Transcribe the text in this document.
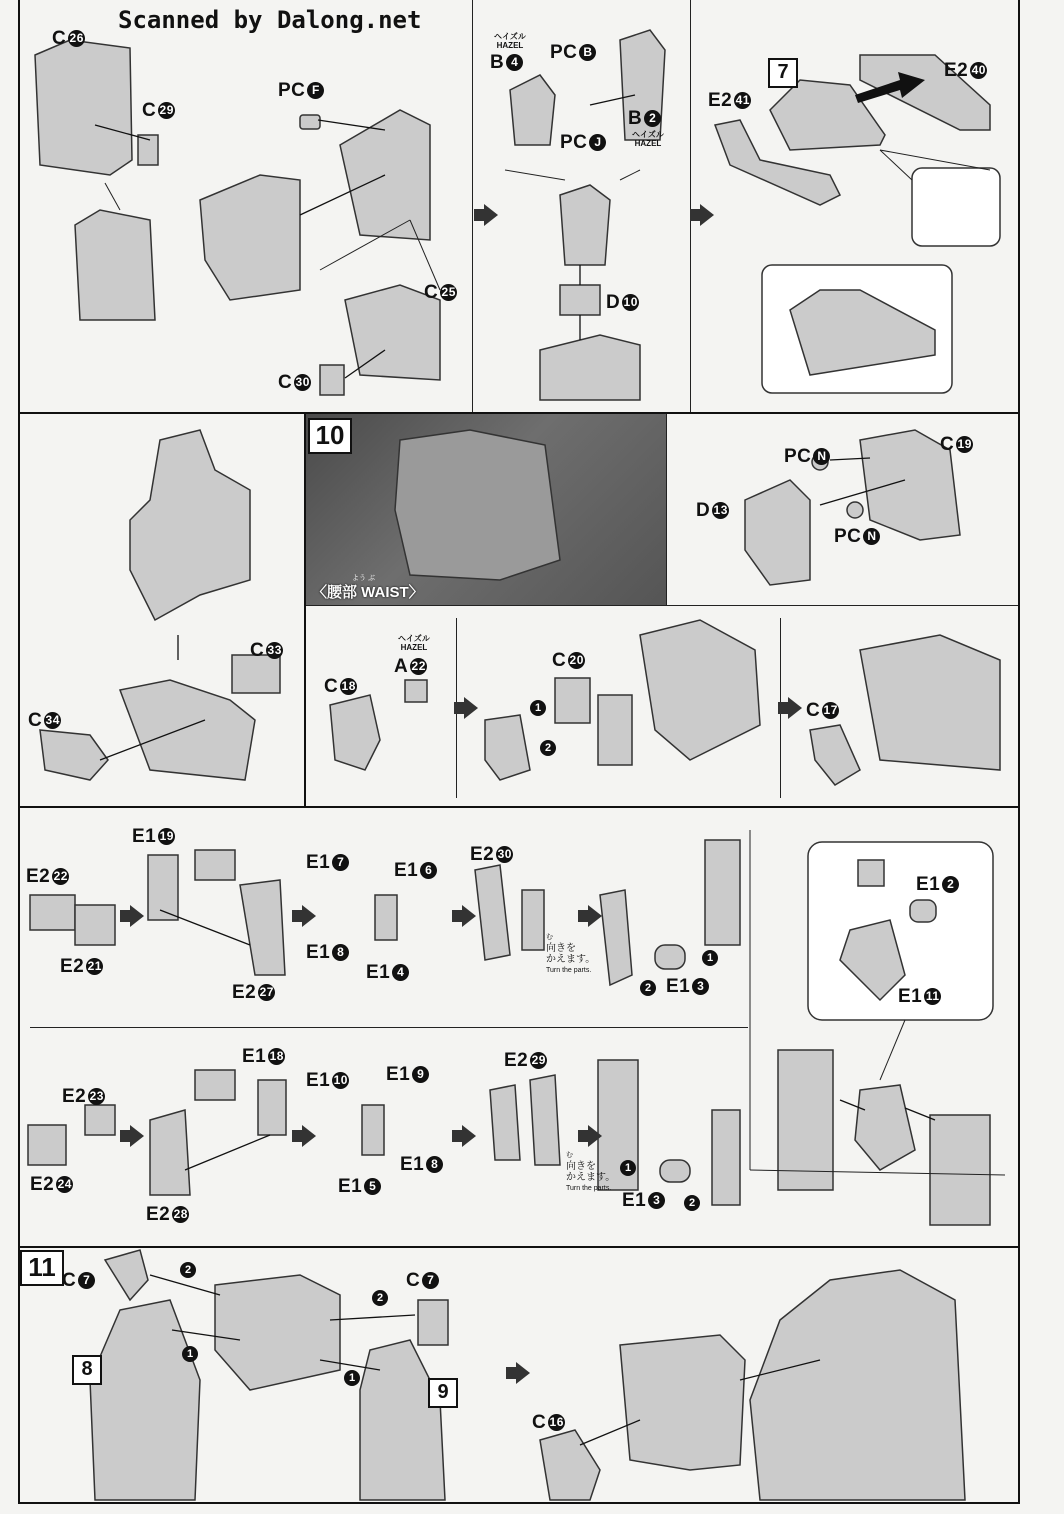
Scanned by Dalong.net
10
よう ぶ
〈腰部 WAIST〉
7
11
8
9
C 26
C 29
PC F
C 25
C 30
ヘイズル
HAZEL
B 4 PC B
B 2
ヘイズル
HAZEL
PC J
D 10
E2 40
E2 41
C 33
C 34
PC N
C 19
D 13
PC N
ヘイズル
HAZEL
C 18
A 22	C 20
C 17
E2 22
E2 21
E1 19
E2 27
E1 7	E1 6
E1 8
E1 4
E2 30
E1 3
E1 2
E1 11
む
向きを
かえます。
Turn the parts.
E2 23
E2 24
E2 28
E1 18
E1 10 E1 9
E1 8
E1 5
E2 29
E1 3
む
向きを
かえます。
Turn the parts.
1
2
1
2
1
2
2
1
2
1
C 7	C 7
C 16
